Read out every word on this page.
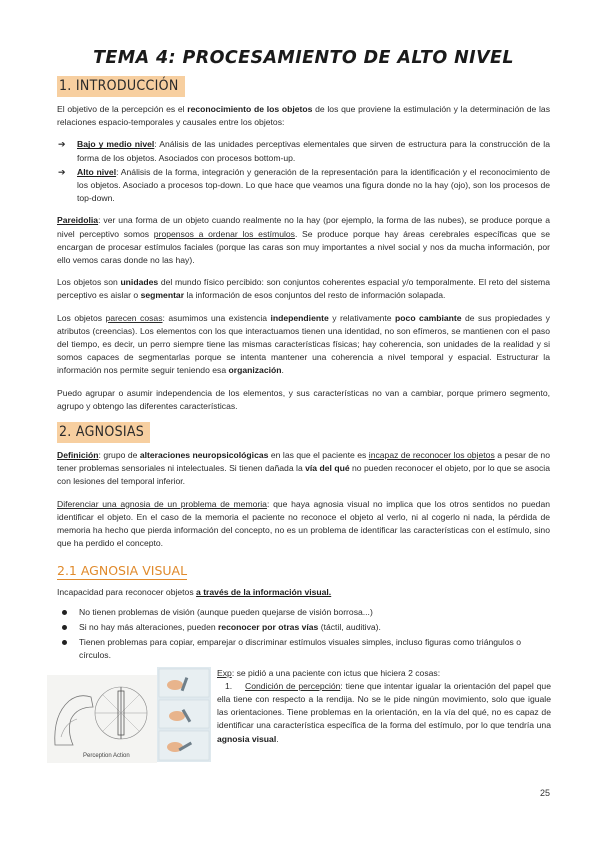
TEMA 4: PROCESAMIENTO DE ALTO NIVEL
1. INTRODUCCIÓN

El objetivo de la percepción es el reconocimiento de los objetos de los que proviene la estimulación y la determinación de las relaciones espacio-temporales y causales entre los objetos:

➔ Bajo y medio nivel: Análisis de las unidades perceptivas elementales que sirven de estructura para la construcción de la forma de los objetos. Asociados con procesos bottom-up.
➔ Alto nivel: Análisis de la forma, integración y generación de la representación para la identificación y el reconocimiento de los objetos. Asociado a procesos top-down. Lo que hace que veamos una figura donde no la hay (ojo), son los procesos de top-down.

Pareidolia: ver una forma de un objeto cuando realmente no la hay (por ejemplo, la forma de las nubes), se produce porque a nivel perceptivo somos propensos a ordenar los estímulos. Se produce porque hay áreas cerebrales específicas que se encargan de procesar estímulos faciales (porque las caras son muy importantes a nivel social y nos da mucha información, por ello vemos caras donde no las hay).

Los objetos son unidades del mundo físico percibido: son conjuntos coherentes espacial y/o temporalmente. El reto del sistema perceptivo es aislar o segmentar la información de esos conjuntos del resto de información solapada.

Los objetos parecen cosas: asumimos una existencia independiente y relativamente poco cambiante de sus propiedades y atributos (creencias). Los elementos con los que interactuamos tienen una identidad, no son efímeros, se mantienen con el paso del tiempo, es decir, un perro siempre tiene las mismas características físicas; hay coherencia, son unidades de la realidad y si somos capaces de segmentarlas porque se intenta mantener una coherencia a nivel temporal y espacial. Estructurar la información nos permite seguir teniendo esa organización.

Puedo agrupar o asumir independencia de los elementos, y sus características no van a cambiar, porque primero segmento, agrupo y obtengo las diferentes características.

2. AGNOSIAS

Definición: grupo de alteraciones neuropsicológicas en las que el paciente es incapaz de reconocer los objetos a pesar de no tener problemas sensoriales ni intelectuales. Si tienen dañada la vía del qué no pueden reconocer el objeto, por lo que se asocia con lesiones del temporal inferior.

Diferenciar una agnosia de un problema de memoria: que haya agnosia visual no implica que los otros sentidos no puedan identificar el objeto. En el caso de la memoria el paciente no reconoce el objeto al verlo, ni al cogerlo ni nada, la pérdida de memoria ha hecho que pierda información del concepto, no es un problema de identificar las características con el estímulo, sino que ha perdido el concepto.

2.1 AGNOSIA VISUAL

Incapacidad para reconocer objetos a través de la información visual.

No tienen problemas de visión (aunque pueden quejarse de visión borrosa...)
Si no hay más alteraciones, pueden reconocer por otras vías (táctil, auditiva).
Tienen problemas para copiar, emparejar o discriminar estímulos visuales simples, incluso figuras como triángulos o círculos.
Perception Action

Exp: se pidió a una paciente con ictus que hiciera 2 cosas:

1. Condición de percepción: tiene que intentar igualar la orientación del papel que ella tiene con respecto a la rendija. No se le pide ningún movimiento, solo que iguale las orientaciones. Tiene problemas en la orientación, en la vía del qué, no es capaz de identificar una característica específica de la forma del estímulo, por lo que tendría una agnosia visual.

25
